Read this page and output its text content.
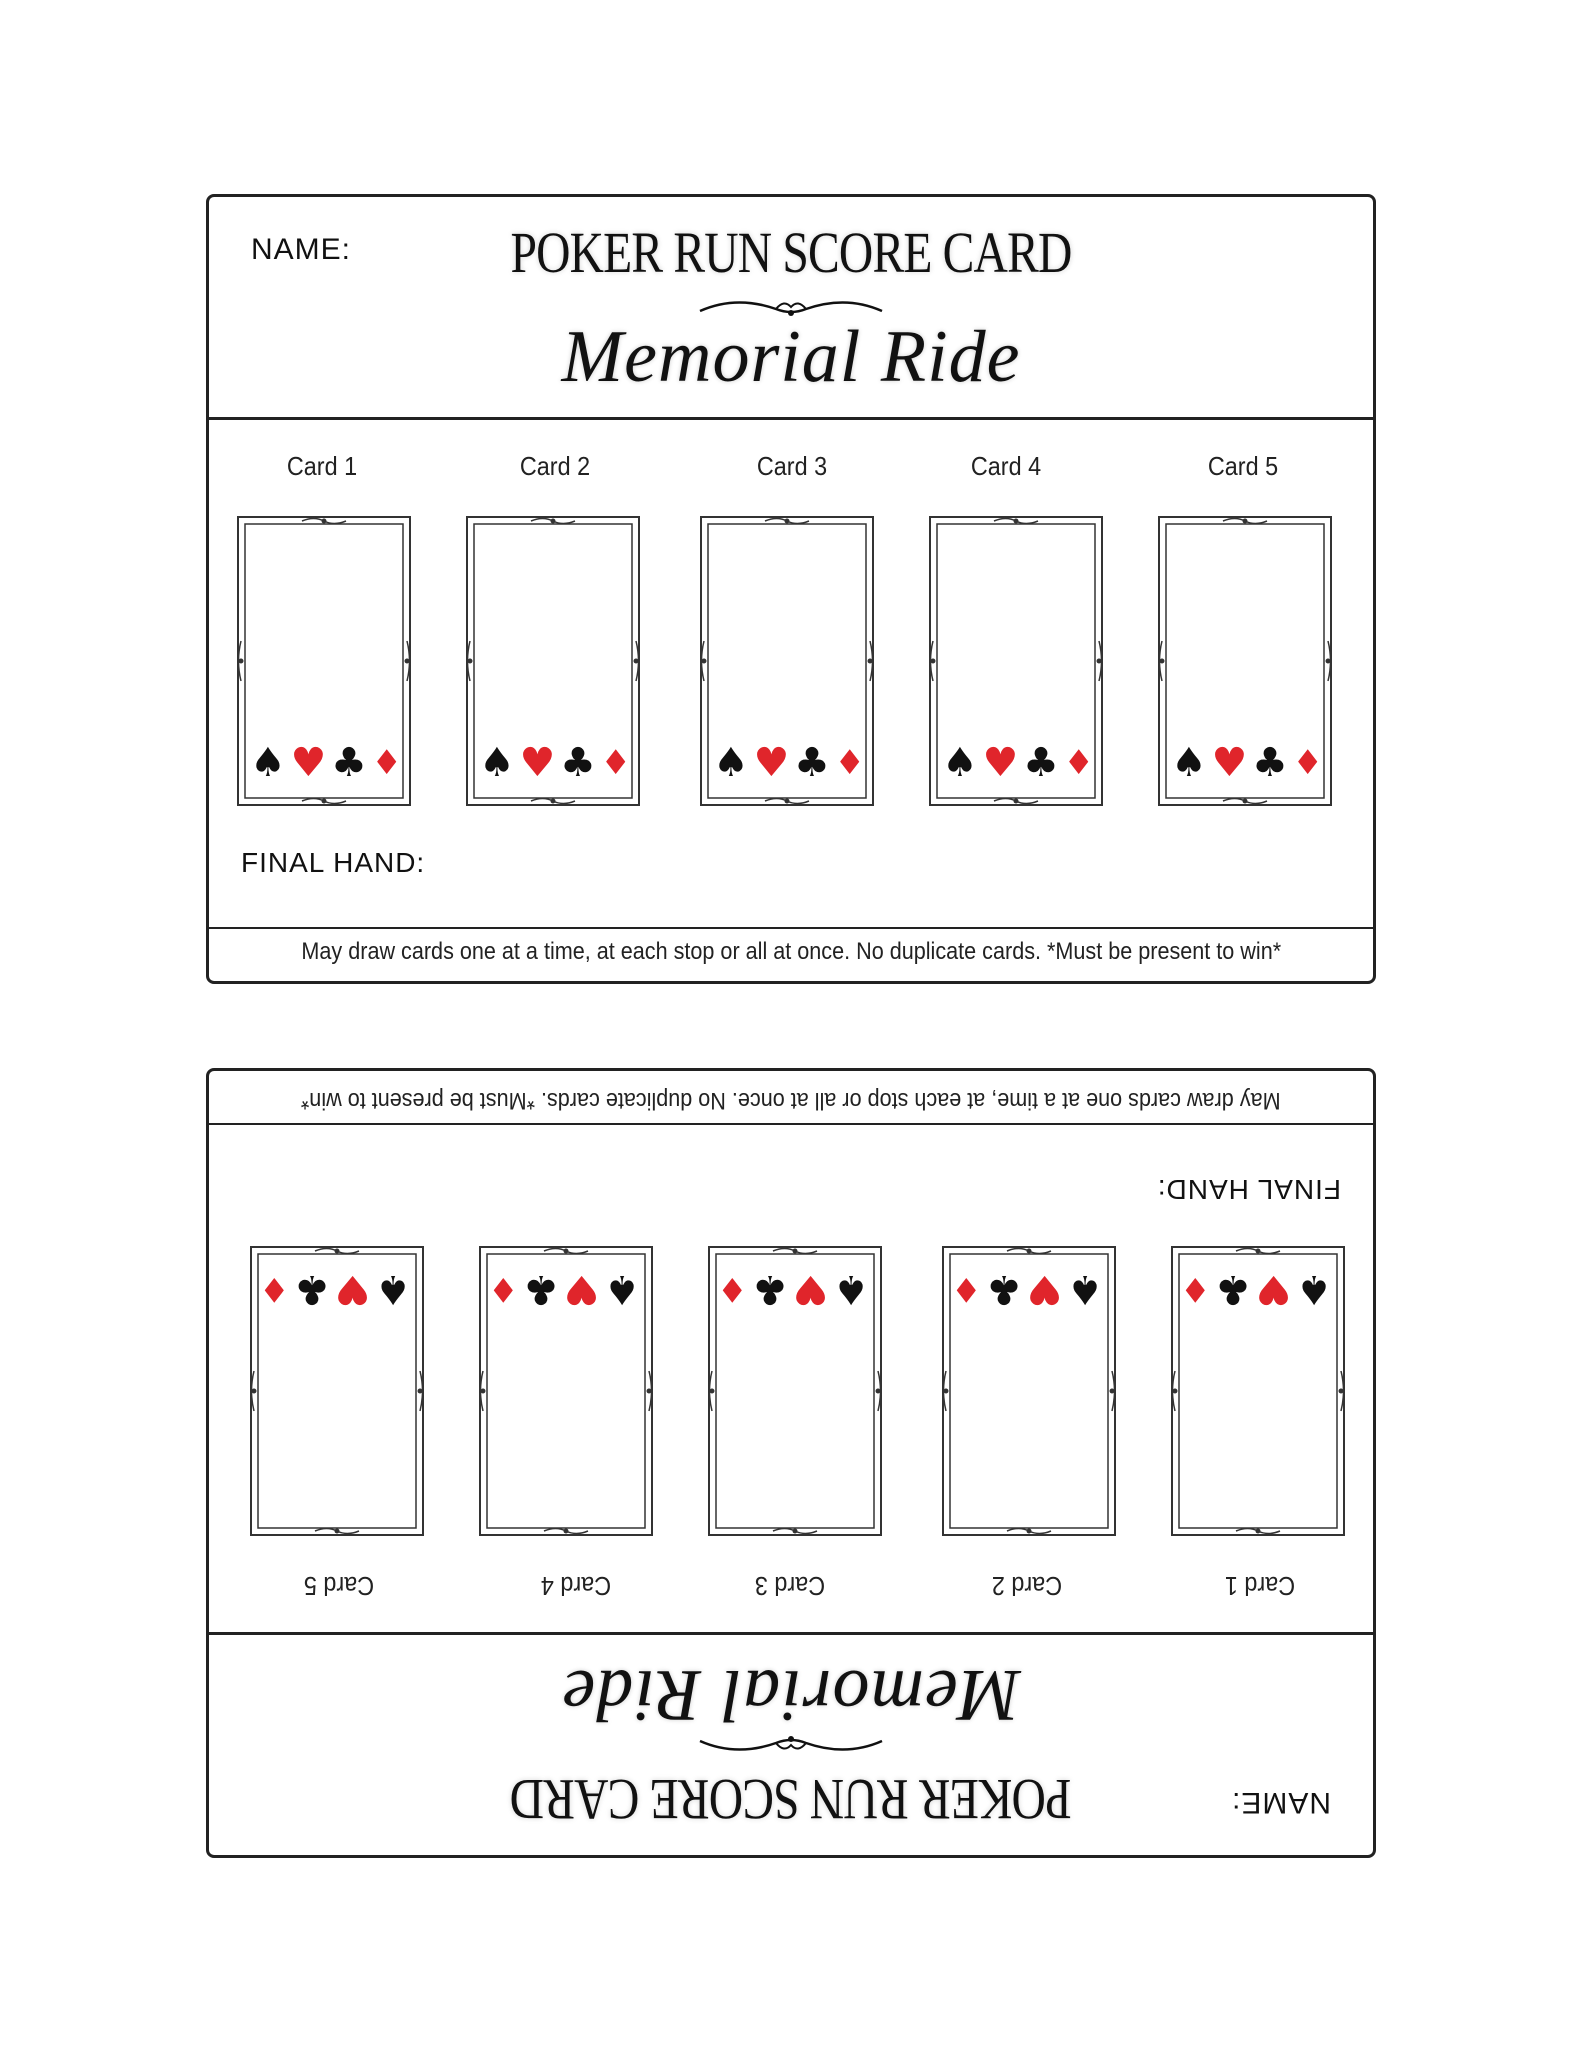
NAME:	POKER RUN SCORE CARD
Memorial Ride
Card 1
♠ ♥ ♣ ♦
Card 2
♠ ♥ ♣ ♦
Card 3
♠ ♥ ♣ ♦
Card 4
♠ ♥ ♣ ♦
Card 5
♠ ♥ ♣ ♦
FINAL HAND:
May draw cards one at a time, at each stop or all at once. No duplicate cards. *Must be present to win*
NAME:
POKER RUN SCORE CARD
Memorial Ride
Card 1
♠
♥
♣
♦
Card 2
♠
♥
♣
♦
Card 3
♠
♥
♣
♦
Card 4
♠
♥
♣
♦
Card 5
♠
♥
♣
♦
FINAL HAND:
May draw cards one at a time, at each stop or all at once. No duplicate cards. *Must be present to win*
